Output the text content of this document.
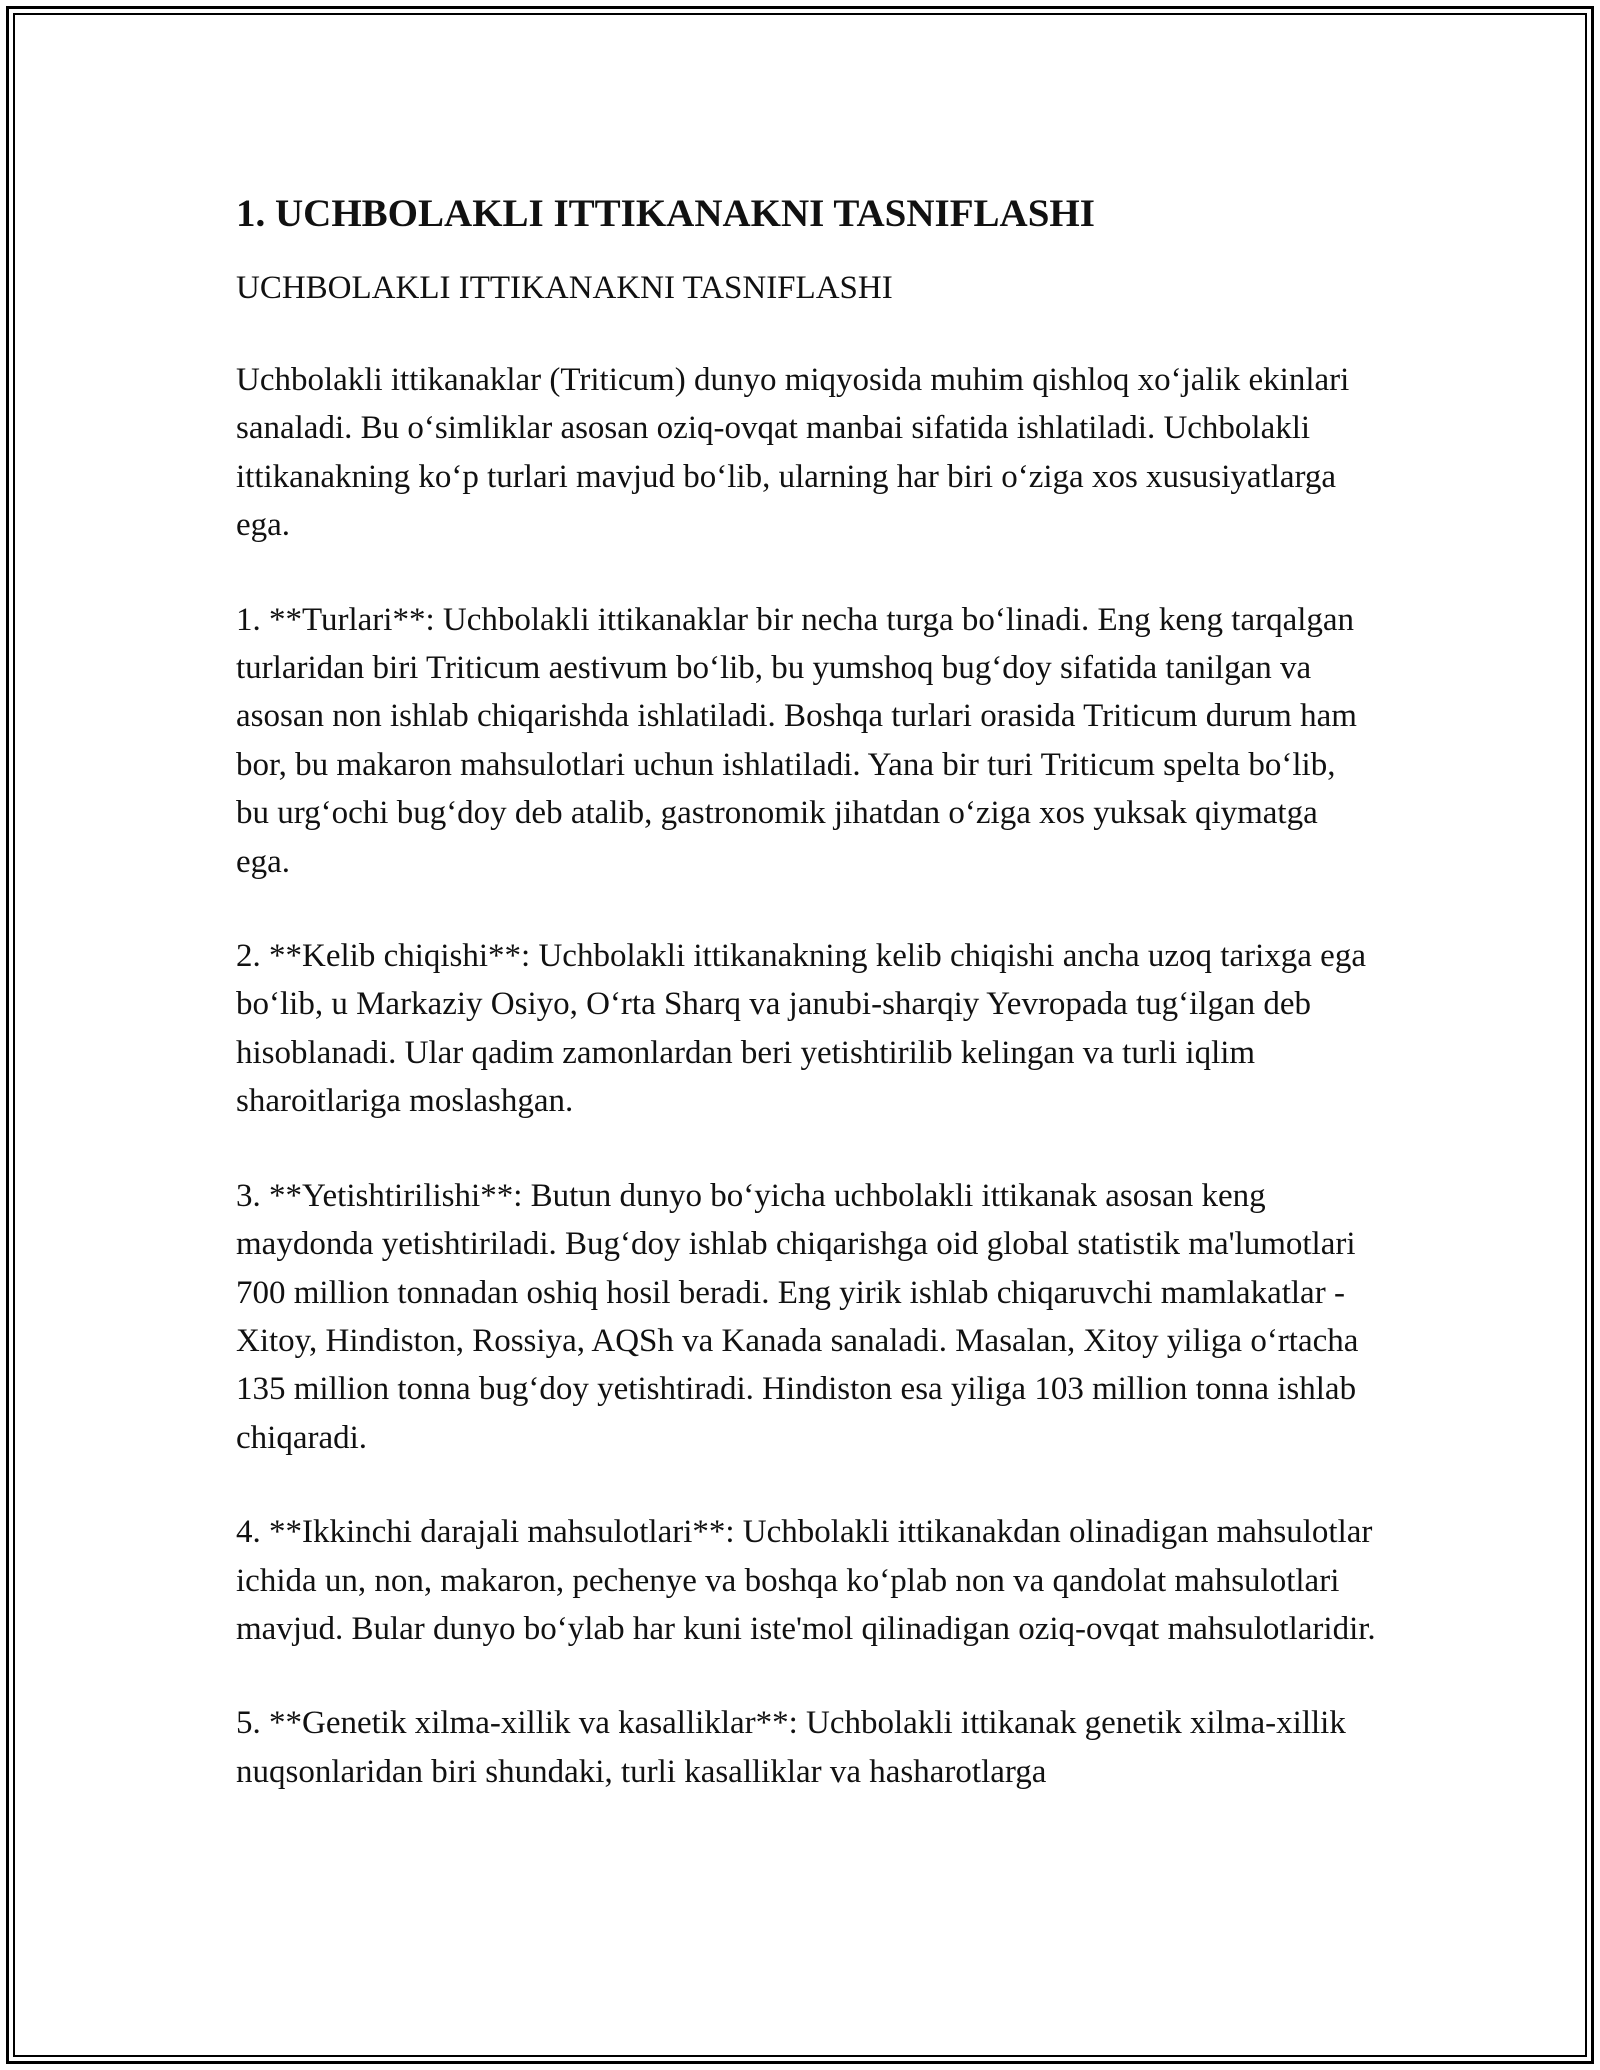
1. UCHBOLAKLI ITTIKANAKNI TASNIFLASHI

UCHBOLAKLI ITTIKANAKNI TASNIFLASHI

Uchbolakli ittikanaklar (Triticum) dunyo miqyosida muhim qishloq xo‘jalik ekinlari sanaladi. Bu o‘simliklar asosan oziq-ovqat manbai sifatida ishlatiladi. Uchbolakli ittikanakning ko‘p turlari mavjud bo‘lib, ularning har biri o‘ziga xos xususiyatlarga ega.

1. **Turlari**: Uchbolakli ittikanaklar bir necha turga bo‘linadi. Eng keng tarqalgan turlaridan biri Triticum aestivum bo‘lib, bu yumshoq bug‘doy sifatida tanilgan va asosan non ishlab chiqarishda ishlatiladi. Boshqa turlari orasida Triticum durum ham bor, bu makaron mahsulotlari uchun ishlatiladi. Yana bir turi Triticum spelta bo‘lib, bu urg‘ochi bug‘doy deb atalib, gastronomik jihatdan o‘ziga xos yuksak qiymatga ega.

2. **Kelib chiqishi**: Uchbolakli ittikanakning kelib chiqishi ancha uzoq tarixga ega bo‘lib, u Markaziy Osiyo, O‘rta Sharq va janubi-sharqiy Yevropada tug‘ilgan deb hisoblanadi. Ular qadim zamonlardan beri yetishtirilib kelingan va turli iqlim sharoitlariga moslashgan.

3. **Yetishtirilishi**: Butun dunyo bo‘yicha uchbolakli ittikanak asosan keng maydonda yetishtiriladi. Bug‘doy ishlab chiqarishga oid global statistik ma'lumotlari 700 million tonnadan oshiq hosil beradi. Eng yirik ishlab chiqaruvchi mamlakatlar - Xitoy, Hindiston, Rossiya, AQSh va Kanada sanaladi. Masalan, Xitoy yiliga o‘rtacha 135 million tonna bug‘doy yetishtiradi. Hindiston esa yiliga 103 million tonna ishlab chiqaradi.

4. **Ikkinchi darajali mahsulotlari**: Uchbolakli ittikanakdan olinadigan mahsulotlar ichida un, non, makaron, pechenye va boshqa ko‘plab non va qandolat mahsulotlari mavjud. Bular dunyo bo‘ylab har kuni iste'mol qilinadigan oziq-ovqat mahsulotlaridir.

5. **Genetik xilma-xillik va kasalliklar**: Uchbolakli ittikanak genetik xilma-xillik nuqsonlaridan biri shundaki, turli kasalliklar va hasharotlarga
